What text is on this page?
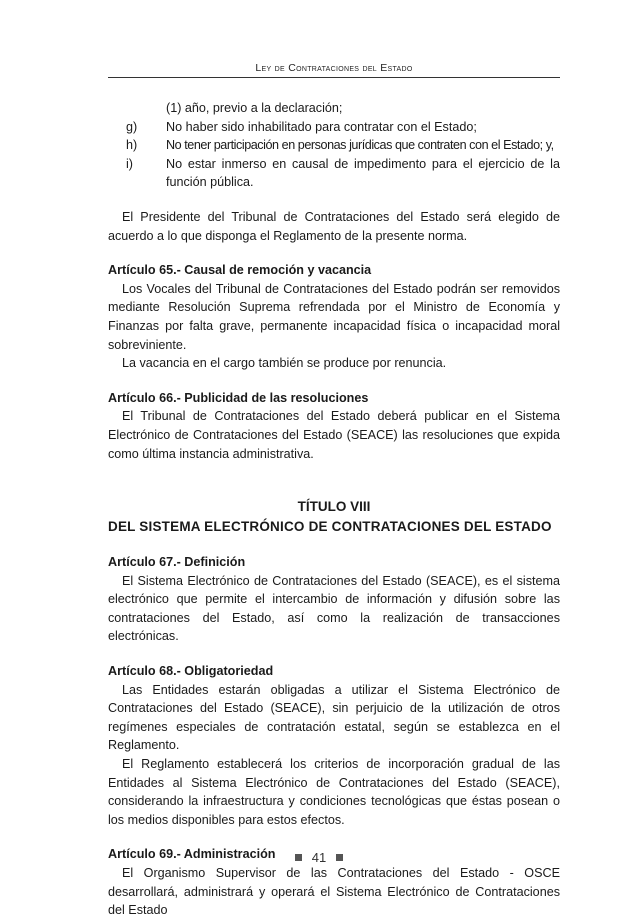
Ley de Contrataciones del Estado

(1) año, previo a la declaración;

g)	No haber sido inhabilitado para contratar con el Estado;
h)	No tener participación en personas jurídicas que contraten con el Estado; y,
i)	No estar inmerso en causal de impedimento para el ejercicio de la función pública.

El Presidente del Tribunal de Contrataciones del Estado será elegido de acuerdo a lo que disponga el Reglamento de la presente norma.

Artículo 65.- Causal de remoción y vacancia

Los Vocales del Tribunal de Contrataciones del Estado podrán ser removidos mediante Resolución Suprema refrendada por el Ministro de Economía y Finanzas por falta grave, permanente incapacidad física o incapacidad moral sobreviniente.

La vacancia en el cargo también se produce por renuncia.

Artículo 66.- Publicidad de las resoluciones

El Tribunal de Contrataciones del Estado deberá publicar en el Sistema Electrónico de Contrataciones del Estado (SEACE) las resoluciones que expida como última instancia administrativa.

TÍTULO VIII
DEL SISTEMA ELECTRÓNICO DE CONTRATACIONES DEL ESTADO
Artículo 67.- Definición

El Sistema Electrónico de Contrataciones del Estado (SEACE), es el sistema electrónico que permite el intercambio de información y difusión sobre las contrataciones del Estado, así como la realización de transacciones electrónicas.

Artículo 68.- Obligatoriedad

Las Entidades estarán obligadas a utilizar el Sistema Electrónico de Contrataciones del Estado (SEACE), sin perjuicio de la utilización de otros regímenes especiales de contratación estatal, según se establezca en el Reglamento.

El Reglamento establecerá los criterios de incorporación gradual de las Entidades al Sistema Electrónico de Contrataciones del Estado (SEACE), considerando la infraestructura y condiciones tecnológicas que éstas posean o los medios disponibles para estos efectos.

Artículo 69.- Administración

El Organismo Supervisor de las Contrataciones del Estado - OSCE desarrollará, administrará y operará el Sistema Electrónico de Contrataciones del Estado

41
